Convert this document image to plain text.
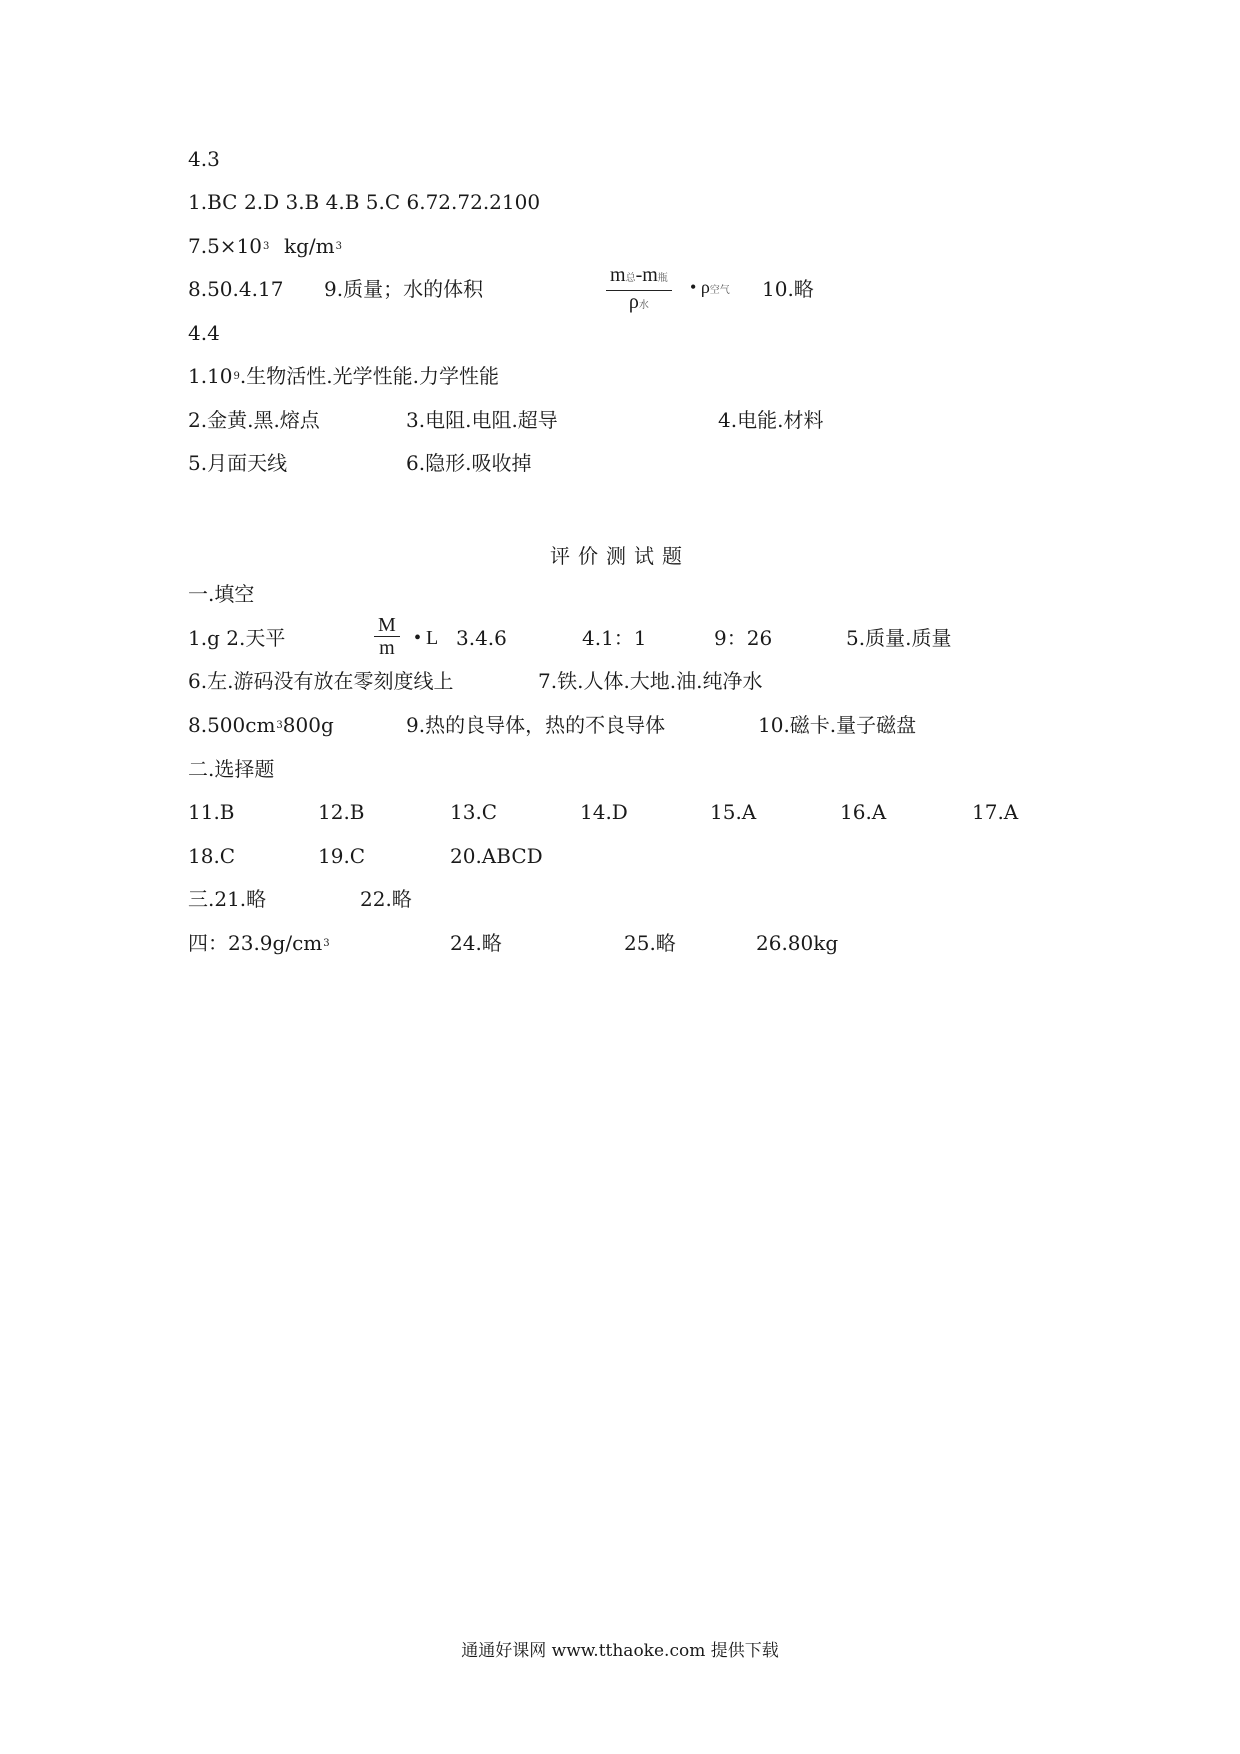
4.3
1.BC 2.D 3.B 4.B 5.C 6.72.72.2100
$7.5\times 10^3$ $kg/m^3$
8.50.4.17 9.质量；水的体积
m总-m瓶
ρ水
• ρ空气 10.略
4.4
1.10$^9$.生物活性.光学性能.力学性能
2.金黄.黑.熔点	3.电阻.电阻.超导	4.电能.材料
5.月面天线	6.隐形.吸收掉
评价测试题
一.填空
1.g 2.天平	3.4.6	4.1：1	9：26	5.质量.质量
$\frac{M}{m}$ • L
6.左.游码没有放在零刻度线上	7.铁.人体.大地.油.纯净水
$8.500cm^3800g$	9.热的良导体，热的不良导体	10.磁卡.量子磁盘
二.选择题
11.B	12.B	13.C	14.D	15.A	16.A	17.A
18.C	19.C	20.ABCD
三.21.略	22.略
四：$23.9g/cm^3$	24.略	25.略	26.80kg
通通好课网 www.tthaoke.com 提供下载
